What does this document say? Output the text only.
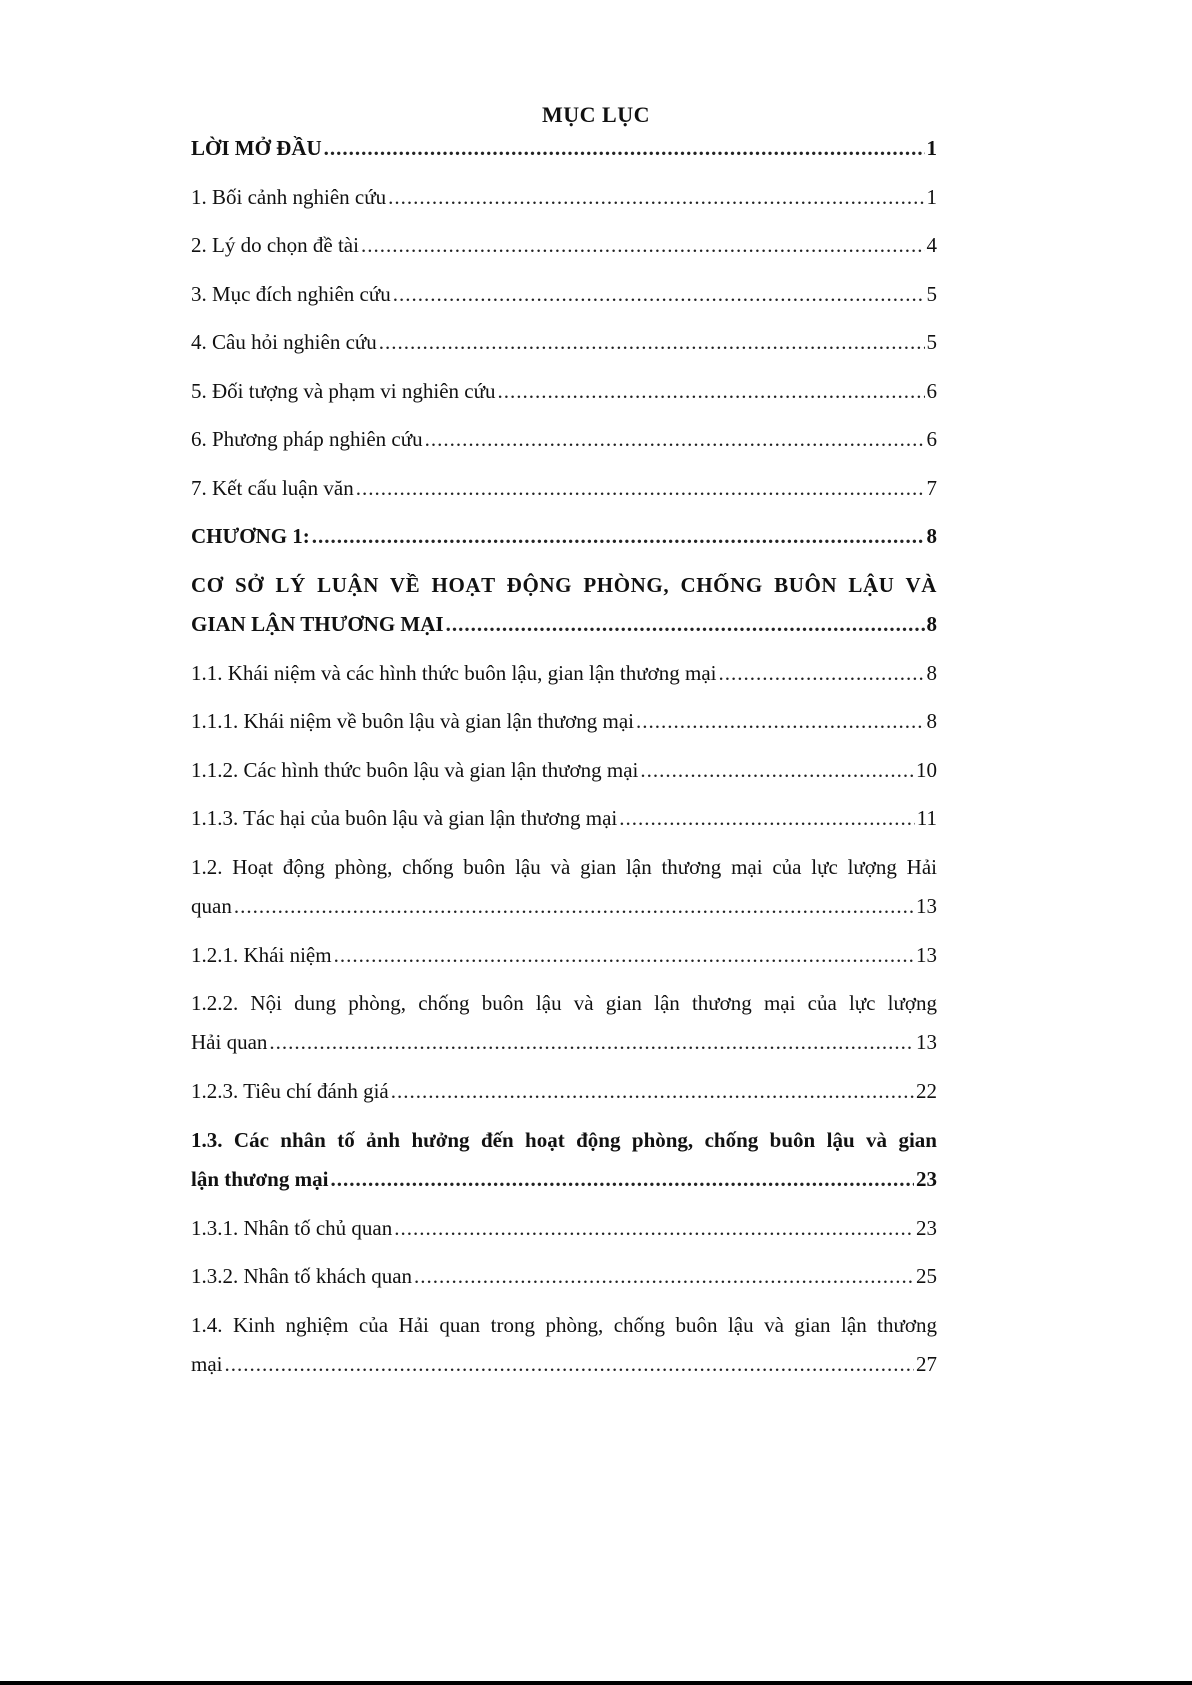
MỤC LỤC
LỜI MỞ ĐẦU .....	1
1. Bối cảnh nghiên cứu .....	1
2. Lý do chọn đề tài .....	4
3. Mục đích nghiên cứu .....	5
4. Câu hỏi nghiên cứu .....	5
5. Đối tượng và phạm vi nghiên cứu .....	6
6. Phương pháp nghiên cứu .....	6
7. Kết cấu luận văn .....	7
CHƯƠNG 1: .....	8
CƠ SỞ LÝ LUẬN VỀ HOẠT ĐỘNG PHÒNG, CHỐNG BUÔN LẬU VÀ
GIAN LẬN THƯƠNG MẠI .....	8
1.1. Khái niệm và các hình thức buôn lậu, gian lận thương mại .....	8
1.1.1. Khái niệm về buôn lậu và gian lận thương mại .....	8
1.1.2. Các hình thức buôn lậu và gian lận thương mại .....	10
1.1.3. Tác hại của buôn lậu và gian lận thương mại .....	11
1.2. Hoạt động phòng, chống buôn lậu và gian lận thương mại của lực lượng Hải
quan .....	13
1.2.1. Khái niệm .....	13
1.2.2. Nội dung phòng, chống buôn lậu và gian lận thương mại của lực lượng
Hải quan .....	13
1.2.3. Tiêu chí đánh giá .....	22
1.3. Các nhân tố ảnh hưởng đến hoạt động phòng, chống buôn lậu và gian
lận thương mại .....	23
1.3.1. Nhân tố chủ quan .....	23
1.3.2. Nhân tố khách quan .....	25
1.4. Kinh nghiệm của Hải quan trong phòng, chống buôn lậu và gian lận thương
mại .....	27
